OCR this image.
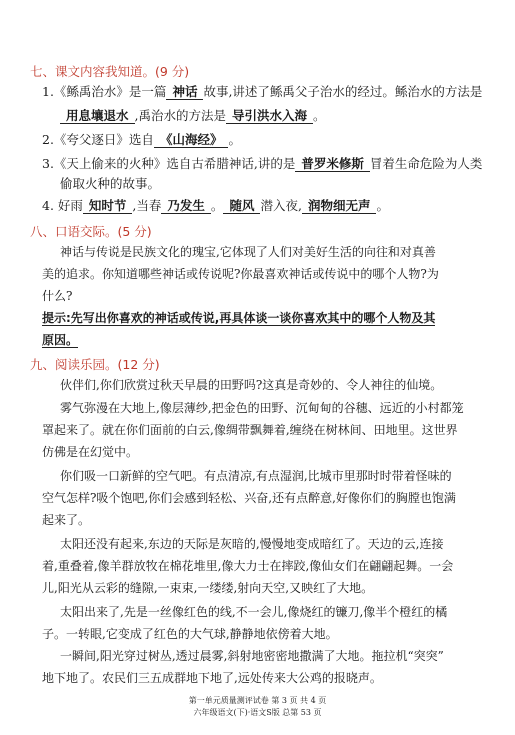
七、课文内容我知道。(9 分)
1.《鲧禹治水》是一篇 神话 故事,讲述了鲧禹父子治水的经过。鲧治水的方法是
用息壤退水 ,禹治水的方法是 导引洪水入海 。
2.《夸父逐日》选自 《山海经》 。
3.《天上偷来的火种》选自古希腊神话,讲的是 普罗米修斯 冒着生命危险为人类
偷取火种的故事。
4. 好雨 知时节 ,当春 乃发生 。 随风 潜入夜, 润物细无声 。
八、口语交际。(5 分)
神话与传说是民族文化的瑰宝,它体现了人们对美好生活的向往和对真善
美的追求。你知道哪些神话或传说呢?你最喜欢神话或传说中的哪个人物?为
什么?
提示:先写出你喜欢的神话或传说,再具体谈一谈你喜欢其中的哪个人物及其
原因。
九、阅读乐园。(12 分)
伙伴们,你们欣赏过秋天早晨的田野吗?这真是奇妙的、令人神往的仙境。
雾气弥漫在大地上,像层薄纱,把金色的田野、沉甸甸的谷穗、远近的小村都笼
罩起来了。就在你们面前的白云,像绸带飘舞着,缠绕在树林间、田地里。这世界
仿佛是在幻觉中。
你们吸一口新鲜的空气吧。有点清凉,有点湿润,比城市里那时时带着怪味的
空气怎样?吸个饱吧,你们会感到轻松、兴奋,还有点醉意,好像你们的胸膛也饱满
起来了。
太阳还没有起来,东边的天际是灰暗的,慢慢地变成暗红了。天边的云,连接
着,重叠着,像羊群放牧在棉花堆里,像大力士在摔跤,像仙女们在翩翩起舞。一会
儿,阳光从云彩的缝隙,一束束,一缕缕,射向天空,又映红了大地。
太阳出来了,先是一丝像红色的线,不一会儿,像烧红的镰刀,像半个橙红的橘
子。一转眼,它变成了红色的大气球,静静地依傍着大地。
一瞬间,阳光穿过树丛,透过晨雾,斜射地密密地撒满了大地。拖拉机“突突”
地下地了。农民们三五成群地下地了,远处传来大公鸡的报晓声。
第一单元质量测评试卷 第 3 页 共 4 页
六年级语文(下)·语文S版 总第 53 页
